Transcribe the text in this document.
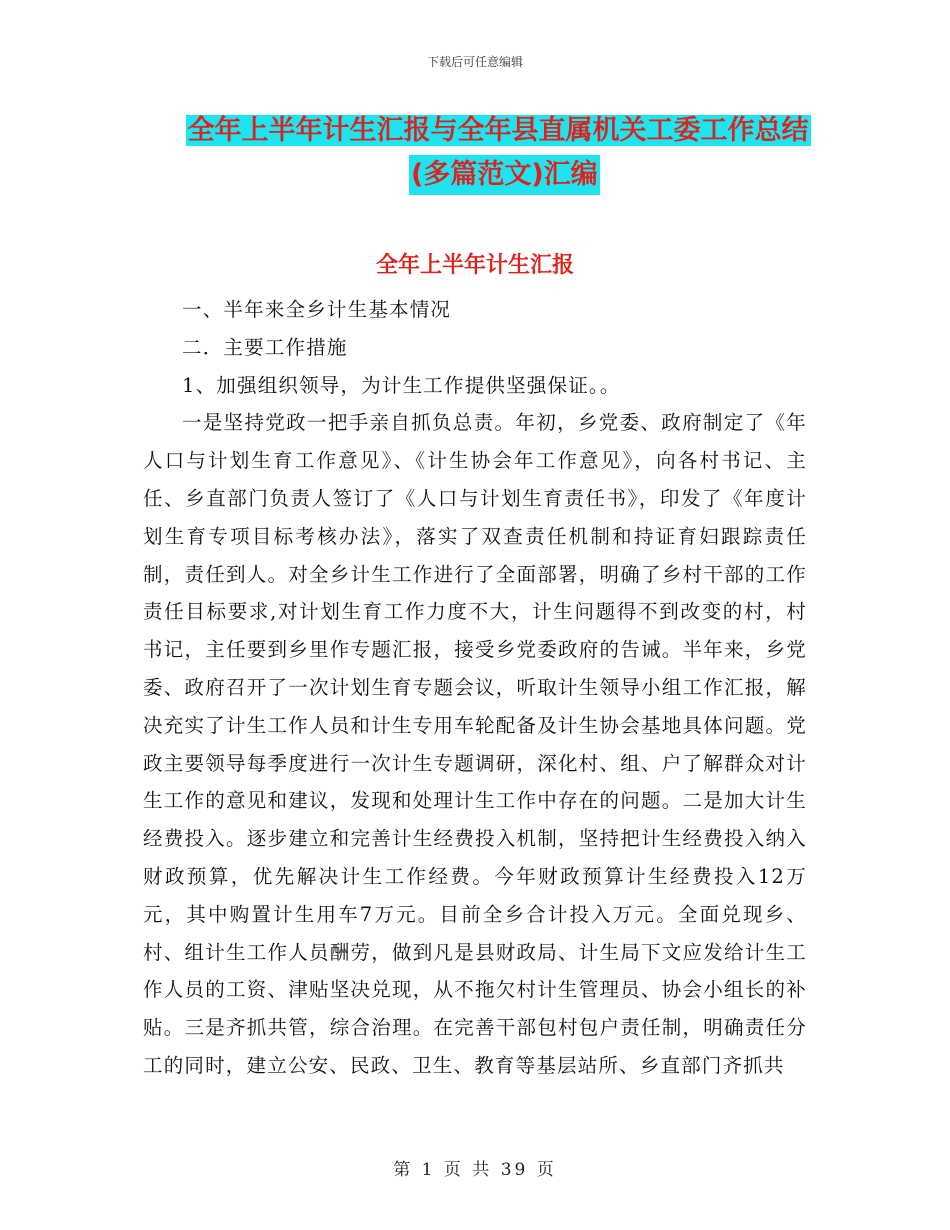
下载后可任意编辑
全年上半年计生汇报与全年县直属机关工委工作总结
(多篇范文)汇编
全年上半年计生汇报

一、半年来全乡计生基本情况

二．主要工作措施

1、加强组织领导，为计生工作提供坚强保证。。

一是坚持党政一把手亲自抓负总责。年初，乡党委、政府制定了《年人口与计划生育工作意见》、《计生协会年工作意见》，向各村书记、主任、乡直部门负责人签订了《人口与计划生育责任书》，印发了《年度计划生育专项目标考核办法》，落实了双查责任机制和持证育妇跟踪责任制，责任到人。对全乡计生工作进行了全面部署，明确了乡村干部的工作责任目标要求,对计划生育工作力度不大，计生问题得不到改变的村，村书记，主任要到乡里作专题汇报，接受乡党委政府的告诫。半年来，乡党委、政府召开了一次计划生育专题会议，听取计生领导小组工作汇报，解决充实了计生工作人员和计生专用车轮配备及计生协会基地具体问题。党政主要领导每季度进行一次计生专题调研，深化村、组、户了解群众对计生工作的意见和建议，发现和处理计生工作中存在的问题。二是加大计生经费投入。逐步建立和完善计生经费投入机制，坚持把计生经费投入纳入财政预算，优先解决计生工作经费。今年财政预算计生经费投入12万元，其中购置计生用车7万元。目前全乡合计投入万元。全面兑现乡、村、组计生工作人员酬劳，做到凡是县财政局、计生局下文应发给计生工作人员的工资、津贴坚决兑现，从不拖欠村计生管理员、协会小组长的补贴。三是齐抓共管，综合治理。在完善干部包村包户责任制，明确责任分工的同时，建立公安、民政、卫生、教育等基层站所、乡直部门齐抓共

第 1 页 共 39 页
